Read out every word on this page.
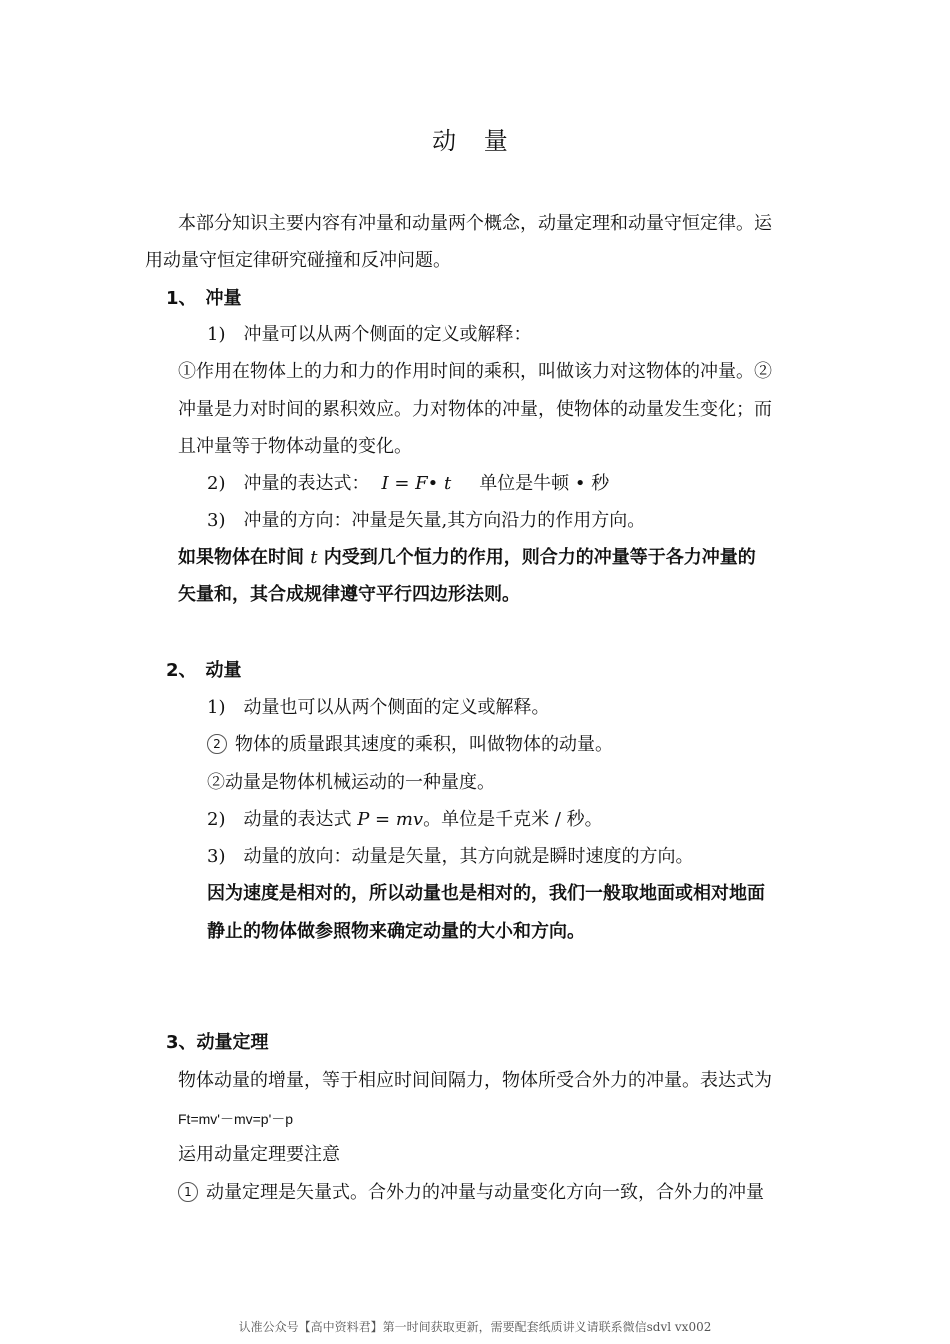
动 量
本部分知识主要内容有冲量和动量两个概念，动量定理和动量守恒定律。运
用动量守恒定律研究碰撞和反冲问题。
1、　冲量
1)　冲量可以从两个侧面的定义或解释：
①作用在物体上的力和力的作用时间的乘积，叫做该力对这物体的冲量。②
冲量是力对时间的累积效应。力对物体的冲量，使物体的动量发生变化；而
且冲量等于物体动量的变化。
2)　冲量的表达式： I = F• t 单位是牛顿 • 秒
3)　冲量的方向：冲量是矢量,其方向沿力的作用方向。
如果物体在时间 t 内受到几个恒力的作用，则合力的冲量等于各力冲量的
矢量和，其合成规律遵守平行四边形法则。
2、　动量
1)　动量也可以从两个侧面的定义或解释。
2 物体的质量跟其速度的乘积，叫做物体的动量。
②动量是物体机械运动的一种量度。
2)　动量的表达式 P = mv。单位是千克米 / 秒。
3)　动量的放向：动量是矢量，其方向就是瞬时速度的方向。
因为速度是相对的，所以动量也是相对的，我们一般取地面或相对地面
静止的物体做参照物来确定动量的大小和方向。
3、动量定理
物体动量的增量，等于相应时间间隔力，物体所受合外力的冲量。表达式为
Ft=mv'－mv=p'－p
运用动量定理要注意
1 动量定理是矢量式。合外力的冲量与动量变化方向一致，合外力的冲量
认准公众号【高中资料君】第一时间获取更新，需要配套纸质讲义请联系微信sdvl vx002
